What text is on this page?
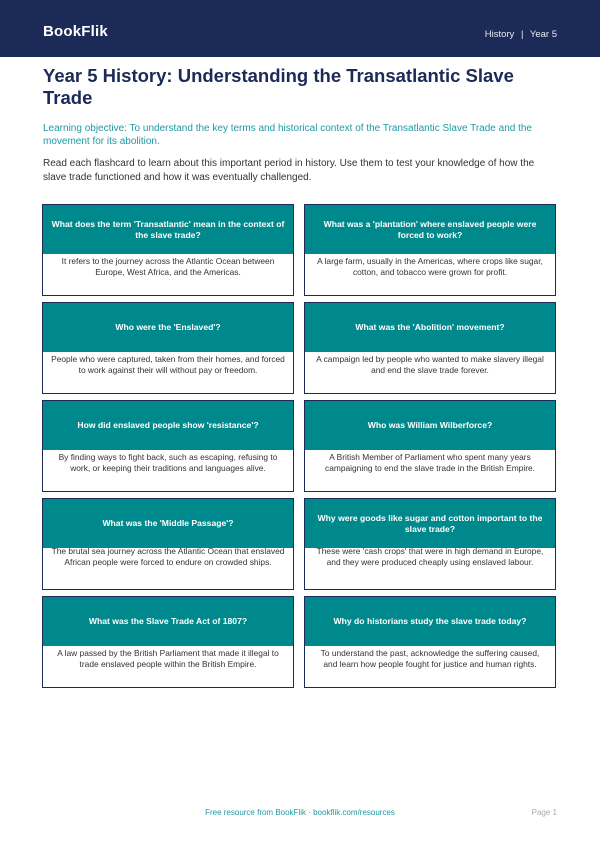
BookFlik	History | Year 5
Year 5 History: Understanding the Transatlantic Slave Trade

Learning objective: To understand the key terms and historical context of the Transatlantic Slave Trade and the movement for its abolition.

Read each flashcard to learn about this important period in history. Use them to test your knowledge of how the slave trade functioned and how it was eventually challenged.

What does the term 'Transatlantic' mean in the context of the slave trade?
It refers to the journey across the Atlantic Ocean between Europe, West Africa, and the Americas.
What was a 'plantation' where enslaved people were forced to work?
A large farm, usually in the Americas, where crops like sugar, cotton, and tobacco were grown for profit.
Who were the 'Enslaved'?
People who were captured, taken from their homes, and forced to work against their will without pay or freedom.
What was the 'Abolition' movement?
A campaign led by people who wanted to make slavery illegal and end the slave trade forever.
How did enslaved people show 'resistance'?
By finding ways to fight back, such as escaping, refusing to work, or keeping their traditions and languages alive.
Who was William Wilberforce?
A British Member of Parliament who spent many years campaigning to end the slave trade in the British Empire.
What was the 'Middle Passage'?
The brutal sea journey across the Atlantic Ocean that enslaved African people were forced to endure on crowded ships.
Why were goods like sugar and cotton important to the slave trade?
These were 'cash crops' that were in high demand in Europe, and they were produced cheaply using enslaved labour.
What was the Slave Trade Act of 1807?
A law passed by the British Parliament that made it illegal to trade enslaved people within the British Empire.
Why do historians study the slave trade today?
To understand the past, acknowledge the suffering caused, and learn how people fought for justice and human rights.
Free resource from BookFlik · bookflik.com/resources	Page 1
